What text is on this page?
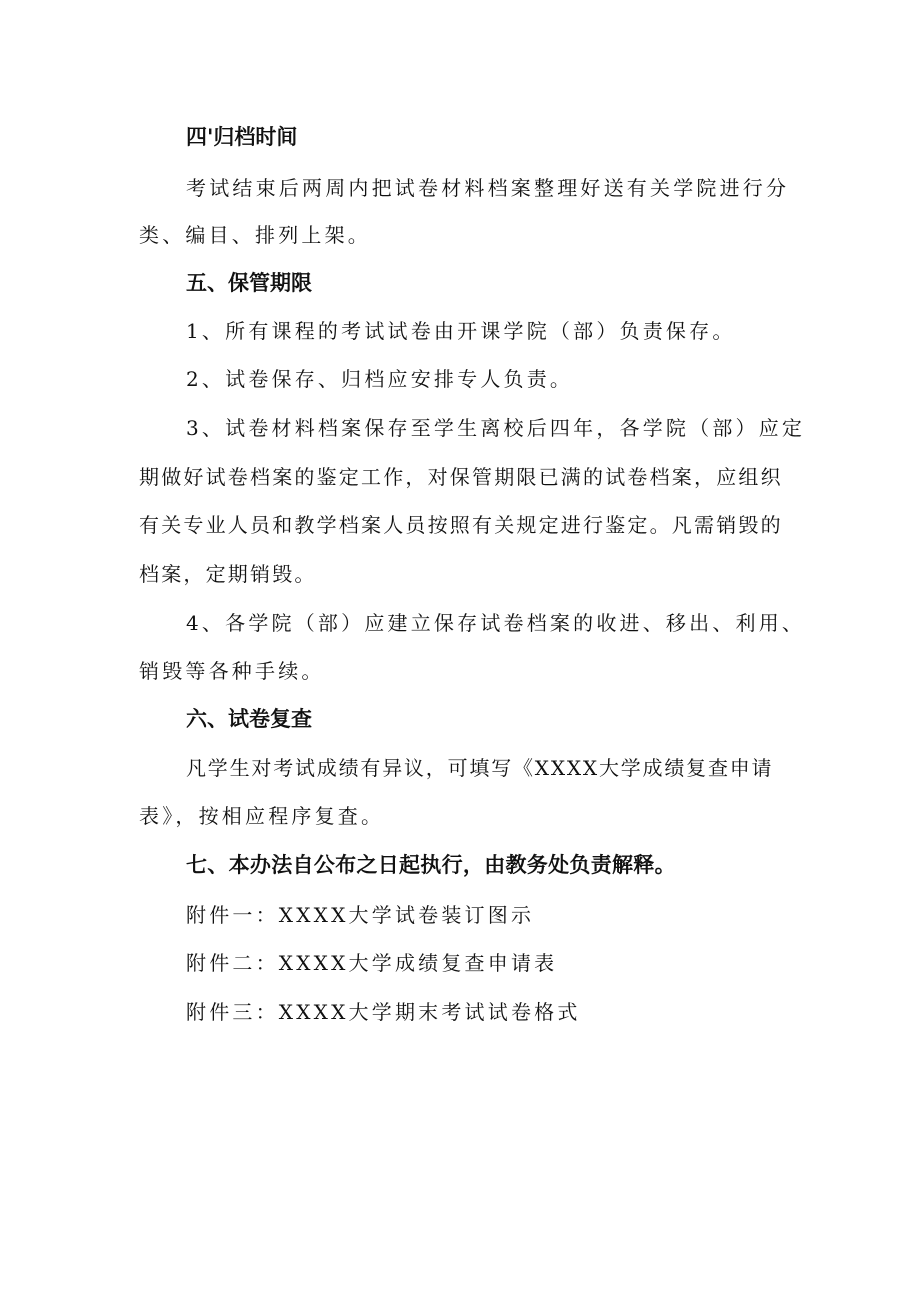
四'归档时间

考试结束后两周内把试卷材料档案整理好送有关学院进行分

类、编目、排列上架。

五、保管期限

1、所有课程的考试试卷由开课学院（部）负责保存。

2、试卷保存、归档应安排专人负责。

3、试卷材料档案保存至学生离校后四年，各学院（部）应定

期做好试卷档案的鉴定工作，对保管期限已满的试卷档案，应组织

有关专业人员和教学档案人员按照有关规定进行鉴定。凡需销毁的

档案，定期销毁。

4、各学院（部）应建立保存试卷档案的收进、移出、利用、

销毁等各种手续。

六、试卷复查

凡学生对考试成绩有异议，可填写《XXXX大学成绩复查申请

表》，按相应程序复査。

七、本办法自公布之日起执行，由教务处负责解释。

附件一：XXXX大学试卷装订图示

附件二：XXXX大学成绩复查申请表

附件三：XXXX大学期末考试试卷格式
